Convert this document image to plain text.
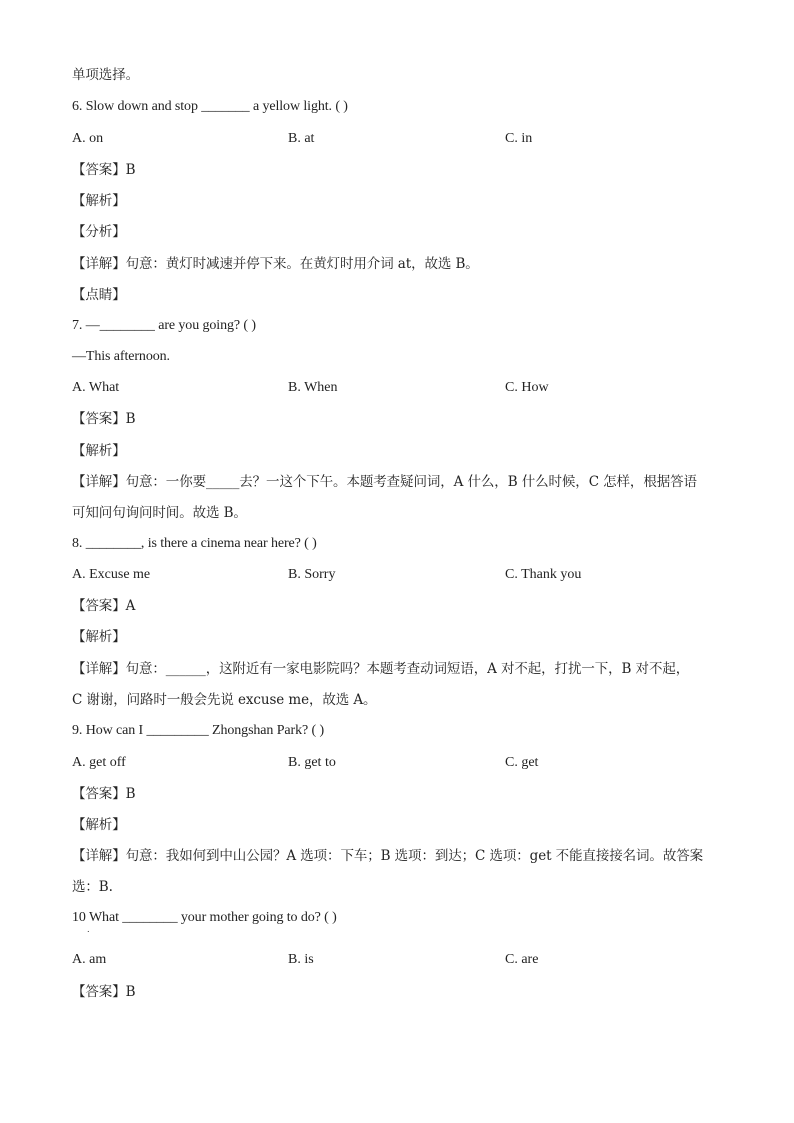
单项选择。
6. Slow down and stop _______ a yellow light. ( )
A. on	B. at	C. in
【答案】B
【解析】
【分析】
【详解】句意：黄灯时减速并停下来。在黄灯时用介词 at，故选 B。
【点睛】
7. —________ are you going? ( )
—This afternoon.
A. What	B. When	C. How
【答案】B
【解析】
【详解】句意：一你要_____去？一这个下午。本题考查疑问词，A 什么，B 什么时候，C 怎样，根据答语
可知问句询问时间。故选 B。
8. ________, is there a cinema near here? ( )
A. Excuse me	B. Sorry	C. Thank you
【答案】A
【解析】
【详解】句意：______，这附近有一家电影院吗？本题考查动词短语，A 对不起，打扰一下，B 对不起，
C 谢谢，问路时一般会先说 excuse me，故选 A。
9. How can I _________ Zhongshan Park? ( )
A. get off	B. get to	C. get
【答案】B
【解析】
【详解】句意：我如何到中山公园？A 选项：下车；B 选项：到达；C 选项：get 不能直接接名词。故答案
选：B.
10 What ________ your mother going to do? ( )
.
A. am	B. is	C. are
【答案】B
